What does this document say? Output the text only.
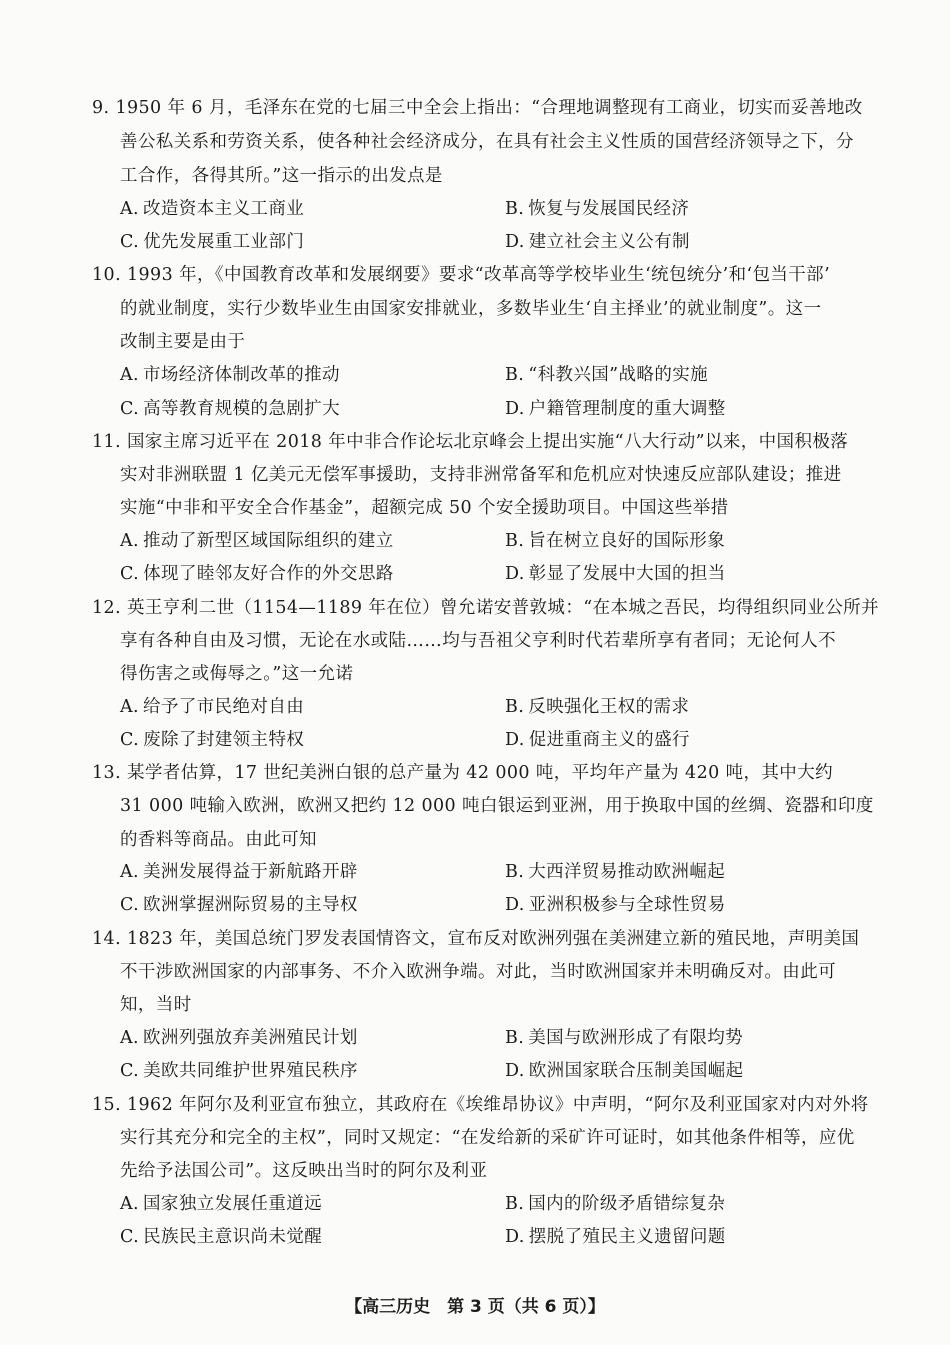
9. 1950 年 6 月，毛泽东在党的七届三中全会上指出：“合理地调整现有工商业，切实而妥善地改
善公私关系和劳资关系，使各种社会经济成分，在具有社会主义性质的国营经济领导之下，分
工合作，各得其所。”这一指示的出发点是
A. 改造资本主义工商业	B. 恢复与发展国民经济
C. 优先发展重工业部门	D. 建立社会主义公有制
10. 1993 年，《中国教育改革和发展纲要》要求“改革高等学校毕业生‘统包统分’和‘包当干部’
的就业制度，实行少数毕业生由国家安排就业，多数毕业生‘自主择业’的就业制度”。这一
改制主要是由于
A. 市场经济体制改革的推动	B. “科教兴国”战略的实施
C. 高等教育规模的急剧扩大	D. 户籍管理制度的重大调整
11. 国家主席习近平在 2018 年中非合作论坛北京峰会上提出实施“八大行动”以来，中国积极落
实对非洲联盟 1 亿美元无偿军事援助，支持非洲常备军和危机应对快速反应部队建设；推进
实施“中非和平安全合作基金”，超额完成 50 个安全援助项目。中国这些举措
A. 推动了新型区域国际组织的建立	B. 旨在树立良好的国际形象
C. 体现了睦邻友好合作的外交思路	D. 彰显了发展中大国的担当
12. 英王亨利二世（1154—1189 年在位）曾允诺安普敦城：“在本城之吾民，均得组织同业公所并
享有各种自由及习惯，无论在水或陆……均与吾祖父亨利时代若辈所享有者同；无论何人不
得伤害之或侮辱之。”这一允诺
A. 给予了市民绝对自由	B. 反映强化王权的需求
C. 废除了封建领主特权	D. 促进重商主义的盛行
13. 某学者估算，17 世纪美洲白银的总产量为 42 000 吨，平均年产量为 420 吨，其中大约
31 000 吨输入欧洲，欧洲又把约 12 000 吨白银运到亚洲，用于换取中国的丝绸、瓷器和印度
的香料等商品。由此可知
A. 美洲发展得益于新航路开辟	B. 大西洋贸易推动欧洲崛起
C. 欧洲掌握洲际贸易的主导权	D. 亚洲积极参与全球性贸易
14. 1823 年，美国总统门罗发表国情咨文，宣布反对欧洲列强在美洲建立新的殖民地，声明美国
不干涉欧洲国家的内部事务、不介入欧洲争端。对此，当时欧洲国家并未明确反对。由此可
知，当时
A. 欧洲列强放弃美洲殖民计划	B. 美国与欧洲形成了有限均势
C. 美欧共同维护世界殖民秩序	D. 欧洲国家联合压制美国崛起
15. 1962 年阿尔及利亚宣布独立，其政府在《埃维昂协议》中声明，“阿尔及利亚国家对内对外将
实行其充分和完全的主权”，同时又规定：“在发给新的采矿许可证时，如其他条件相等，应优
先给予法国公司”。这反映出当时的阿尔及利亚
A. 国家独立发展任重道远	B. 国内的阶级矛盾错综复杂
C. 民族民主意识尚未觉醒	D. 摆脱了殖民主义遗留问题
【高三历史　第 3 页（共 6 页）】
